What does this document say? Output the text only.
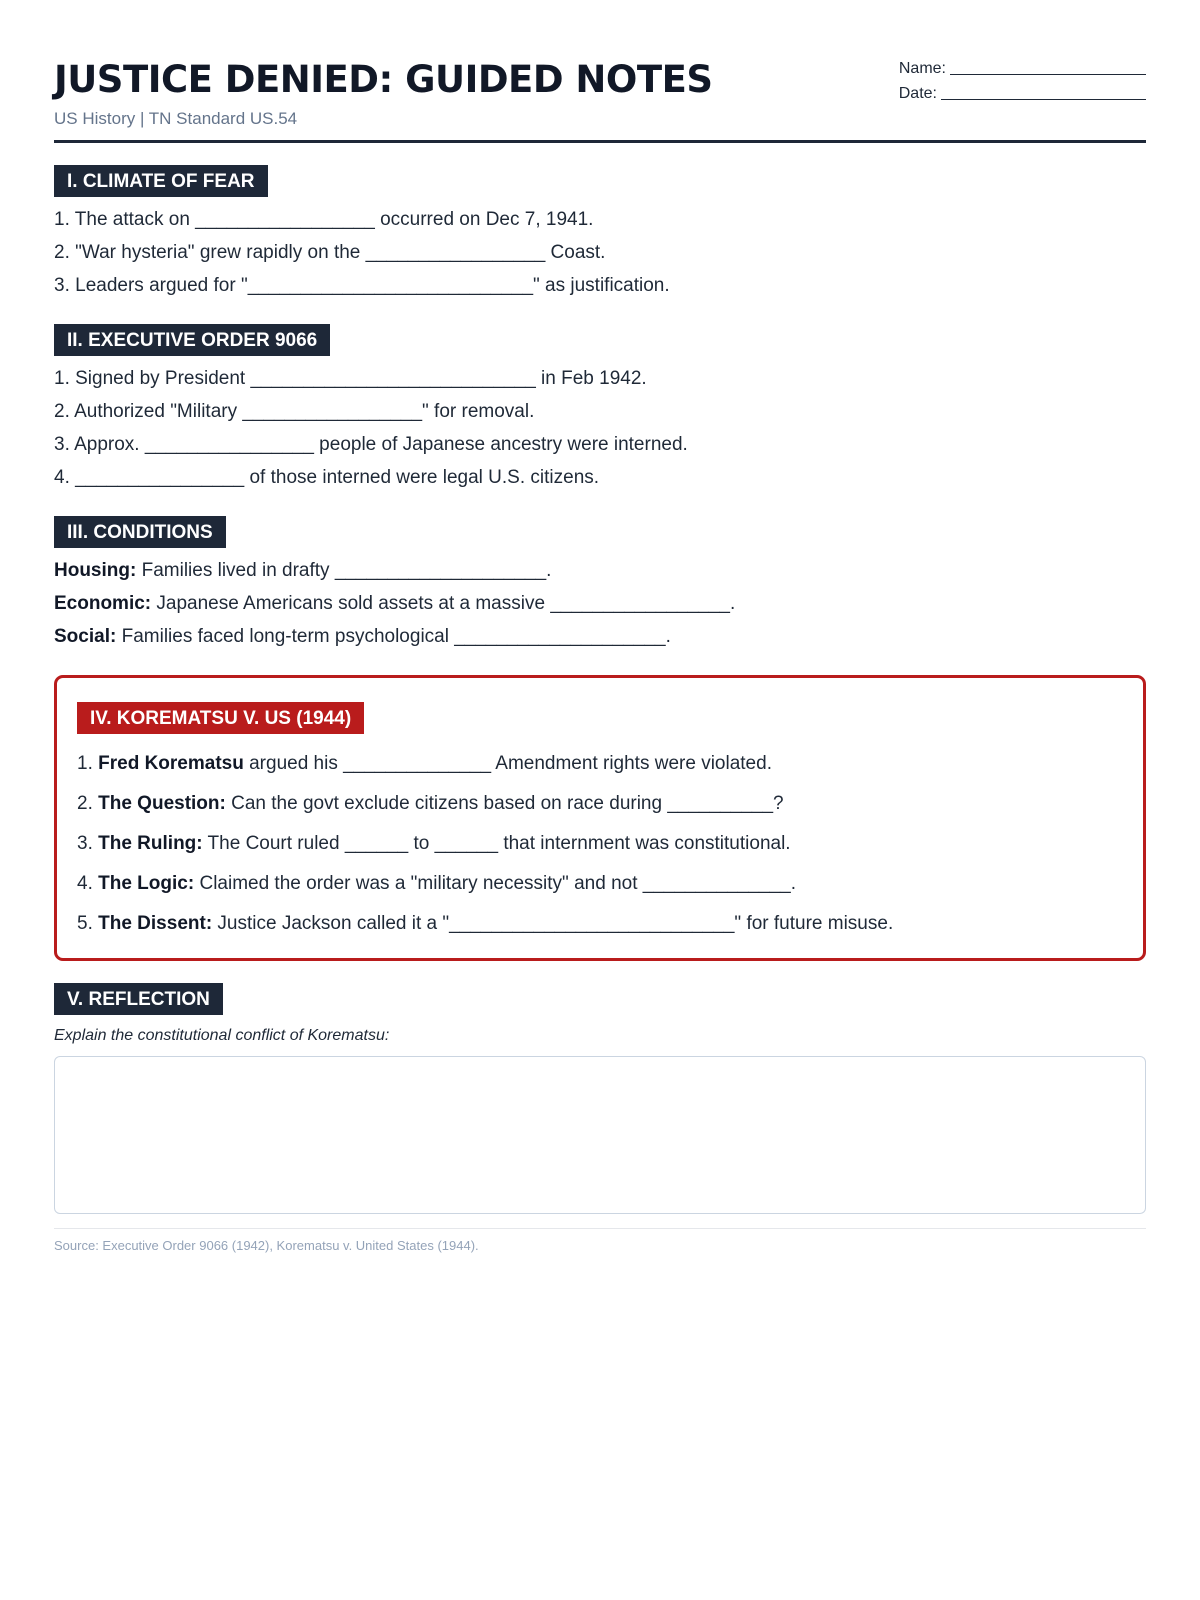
JUSTICE DENIED: GUIDED NOTES
US History | TN Standard US.54
Name:
Date:
I. CLIMATE OF FEAR
1. The attack on _________________ occurred on Dec 7, 1941.
2. "War hysteria" grew rapidly on the _________________ Coast.
3. Leaders argued for "___________________________" as justification.
II. EXECUTIVE ORDER 9066
1. Signed by President ___________________________ in Feb 1942.
2. Authorized "Military _________________" for removal.
3. Approx. ________________ people of Japanese ancestry were interned.
4. ________________ of those interned were legal U.S. citizens.
III. CONDITIONS
Housing: Families lived in drafty ____________________.
Economic: Japanese Americans sold assets at a massive _________________.
Social: Families faced long-term psychological ____________________.
IV. KOREMATSU V. US (1944)
1. Fred Korematsu argued his ______________ Amendment rights were violated.
2. The Question: Can the govt exclude citizens based on race during __________?
3. The Ruling: The Court ruled ______ to ______ that internment was constitutional.
4. The Logic: Claimed the order was a "military necessity" and not ______________.
5. The Dissent: Justice Jackson called it a "___________________________" for future misuse.
V. REFLECTION
Explain the constitutional conflict of Korematsu:
Source: Executive Order 9066 (1942), Korematsu v. United States (1944).
